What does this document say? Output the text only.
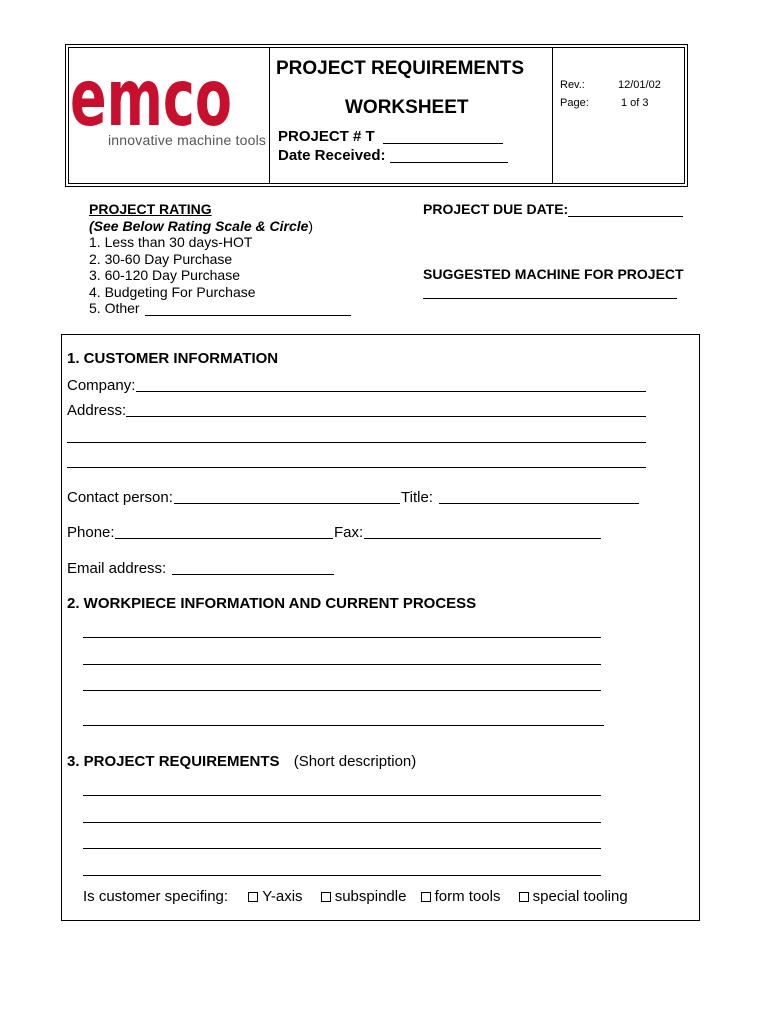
emco
innovative machine tools
PROJECT REQUIREMENTS
WORKSHEET
Rev.:	12/01/02
Page:	1 of 3
PROJECT # T
Date Received:
PROJECT RATING
(See Below Rating Scale & Circle)
1. Less than 30 days-HOT
2. 30-60 Day Purchase
3. 60-120 Day Purchase
4. Budgeting For Purchase
5. Other
PROJECT DUE DATE:
SUGGESTED MACHINE FOR PROJECT
1. CUSTOMER INFORMATION
Company:
Address:
Contact person:	Title:
Phone:	Fax:
Email address:
2. WORKPIECE INFORMATION AND CURRENT PROCESS
3. PROJECT REQUIREMENTS (Short description)
Is customer specifing: Y-axis subspindle form tools special tooling
